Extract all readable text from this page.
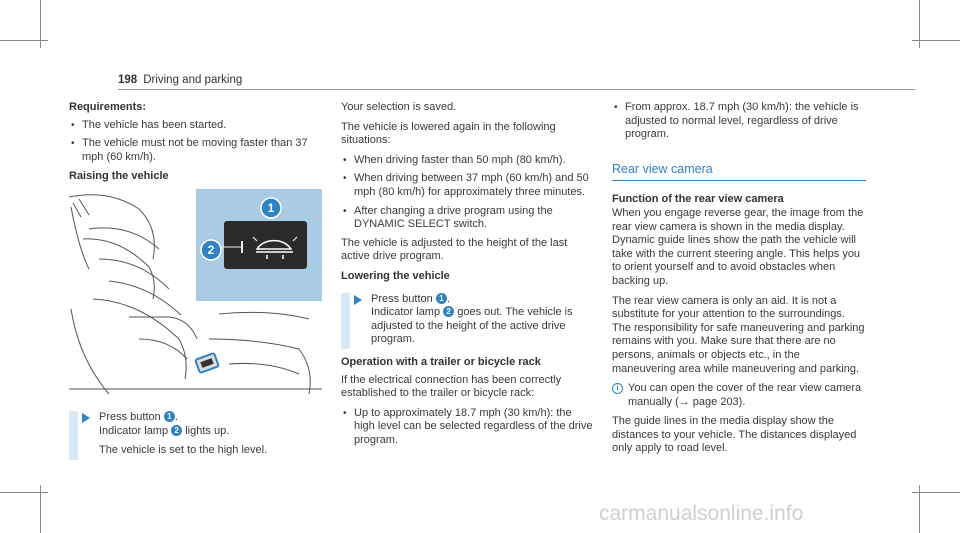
198 Driving and parking
Requirements:
• The vehicle has been started.
• The vehicle must not be moving faster than 37 mph (60 km/h).
Raising the vehicle
1
2
Press button 1 .
Indicator lamp 2 lights up.
The vehicle is set to the high level.

Your selection is saved.

The vehicle is lowered again in the following situations:

• When driving faster than 50 mph (80 km/h).
• When driving between 37 mph (60 km/h) and 50 mph (80 km/h) for approximately three minutes.
• After changing a drive program using the DYNAMIC SELECT switch.

The vehicle is adjusted to the height of the last active drive program.

Lowering the vehicle
Press button 1 .
Indicator lamp 2 goes out. The vehicle is adjusted to the height of the active drive program.
Operation with a trailer or bicycle rack

If the electrical connection has been correctly established to the trailer or bicycle rack:

• Up to approximately 18.7 mph (30 km/h): the high level can be selected regardless of the drive program.
• From approx. 18.7 mph (30 km/h): the vehicle is adjusted to normal level, regardless of drive program.
Rear view camera
Function of the rear view camera

When you engage reverse gear, the image from the rear view camera is shown in the media display. Dynamic guide lines show the path the vehicle will take with the current steering angle. This helps you to orient yourself and to avoid obstacles when backing up.

The rear view camera is only an aid. It is not a substitute for your attention to the surroundings. The responsibility for safe maneuvering and parking remains with you. Make sure that there are no persons, animals or objects etc., in the maneuvering area while maneuvering and parking.

i You can open the cover of the rear view camera manually (→ page 203).

The guide lines in the media display show the distances to your vehicle. The distances displayed only apply to road level.

carmanualsonline.info
